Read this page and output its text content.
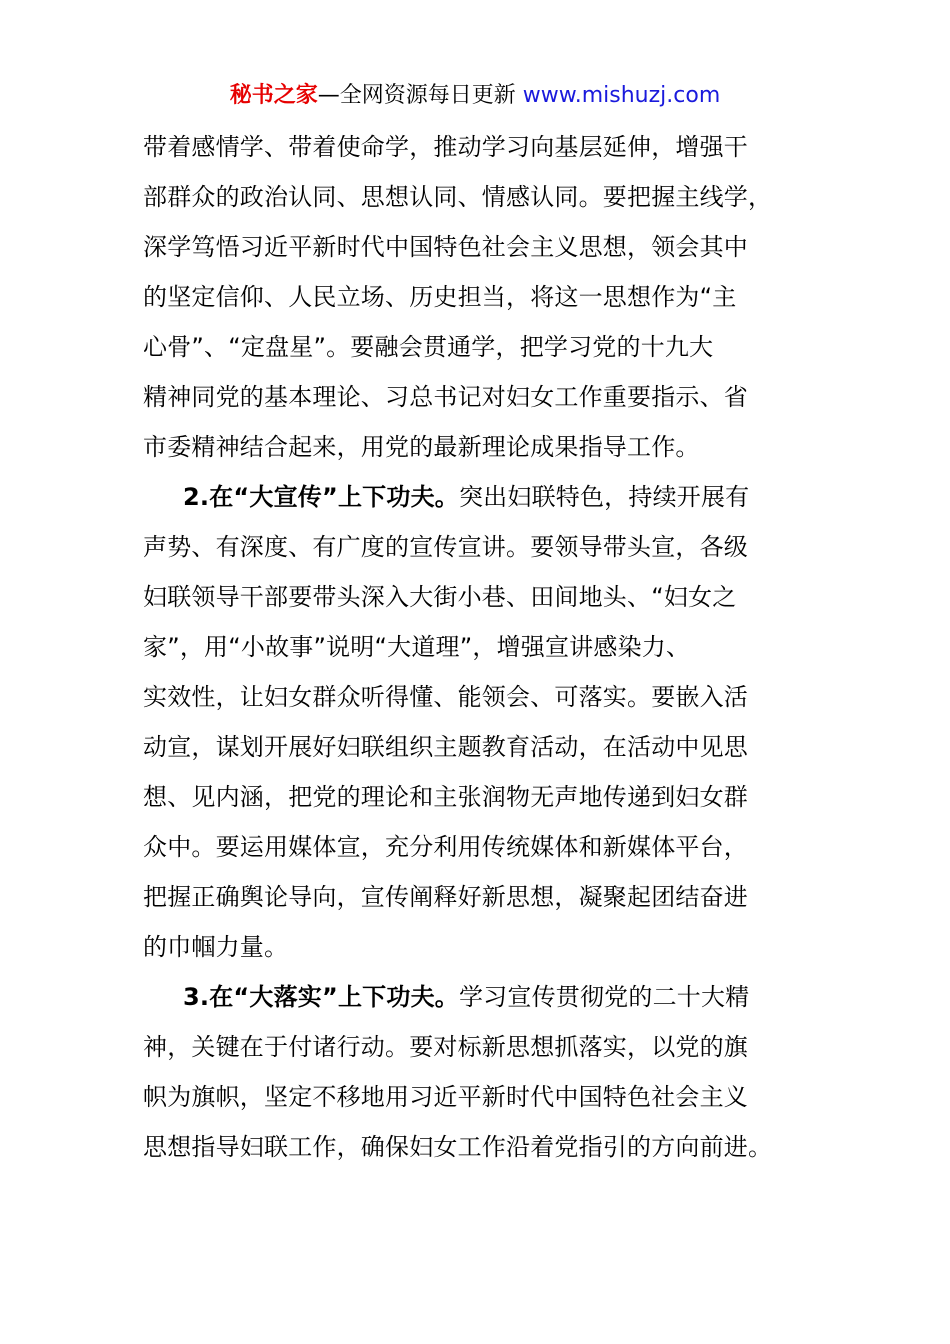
秘书之家—全网资源每日更新 www.mishuzj.com
带着感情学、带着使命学，推动学习向基层延伸，增强干
部群众的政治认同、思想认同、情感认同。要把握主线学，
深学笃悟习近平新时代中国特色社会主义思想，领会其中
的坚定信仰、人民立场、历史担当，将这一思想作为“主
心骨”、“定盘星”。要融会贯通学，把学习党的十九大
精神同党的基本理论、习总书记对妇女工作重要指示、省
市委精神结合起来，用党的最新理论成果指导工作。
2.在“大宣传”上下功夫。突出妇联特色，持续开展有
声势、有深度、有广度的宣传宣讲。要领导带头宣，各级
妇联领导干部要带头深入大街小巷、田间地头、“妇女之
家”，用“小故事”说明“大道理”，增强宣讲感染力、
实效性，让妇女群众听得懂、能领会、可落实。要嵌入活
动宣，谋划开展好妇联组织主题教育活动，在活动中见思
想、见内涵，把党的理论和主张润物无声地传递到妇女群
众中。要运用媒体宣，充分利用传统媒体和新媒体平台，
把握正确舆论导向，宣传阐释好新思想，凝聚起团结奋进
的巾帼力量。
3.在“大落实”上下功夫。学习宣传贯彻党的二十大精
神，关键在于付诸行动。要对标新思想抓落实，以党的旗
帜为旗帜，坚定不移地用习近平新时代中国特色社会主义
思想指导妇联工作，确保妇女工作沿着党指引的方向前进。
